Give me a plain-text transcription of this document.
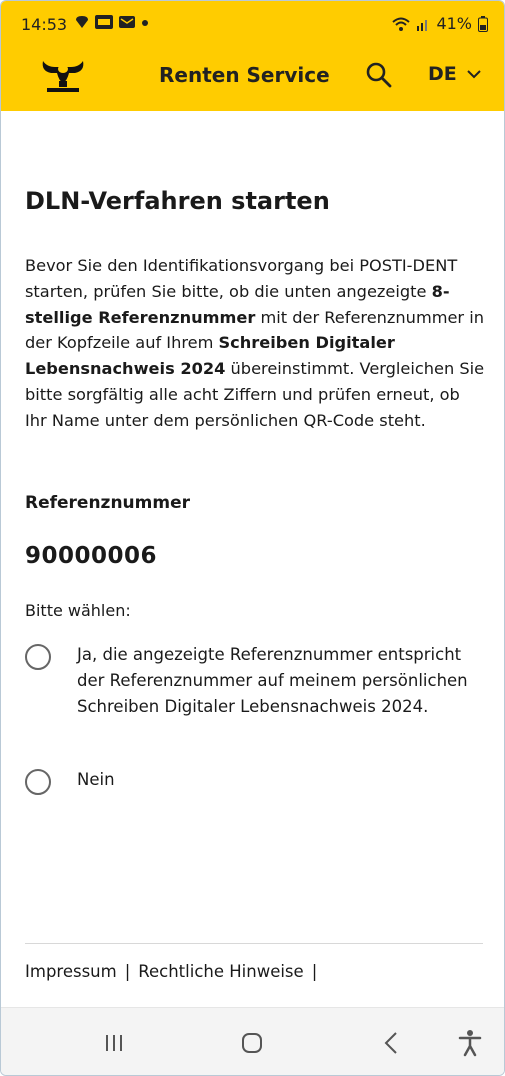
14:53	41%
Renten Service	DE
DLN-Verfahren starten

Bevor Sie den Identifikationsvorgang bei POSTI-DENT starten, prüfen Sie bitte, ob die unten angezeigte 8-stellige Referenznummer mit der Referenznummer in der Kopfzeile auf Ihrem Schreiben Digitaler Lebensnachweis 2024 übereinstimmt. Vergleichen Sie bitte sorgfältig alle acht Ziffern und prüfen erneut, ob Ihr Name unter dem persönlichen QR-Code steht.

Referenznummer
90000006
Bitte wählen:
Ja, die angezeigte Referenznummer entspricht der Referenznummer auf meinem persönlichen Schreiben Digitaler Lebensnachweis 2024.
Nein
Impressum | Rechtliche Hinweise |
